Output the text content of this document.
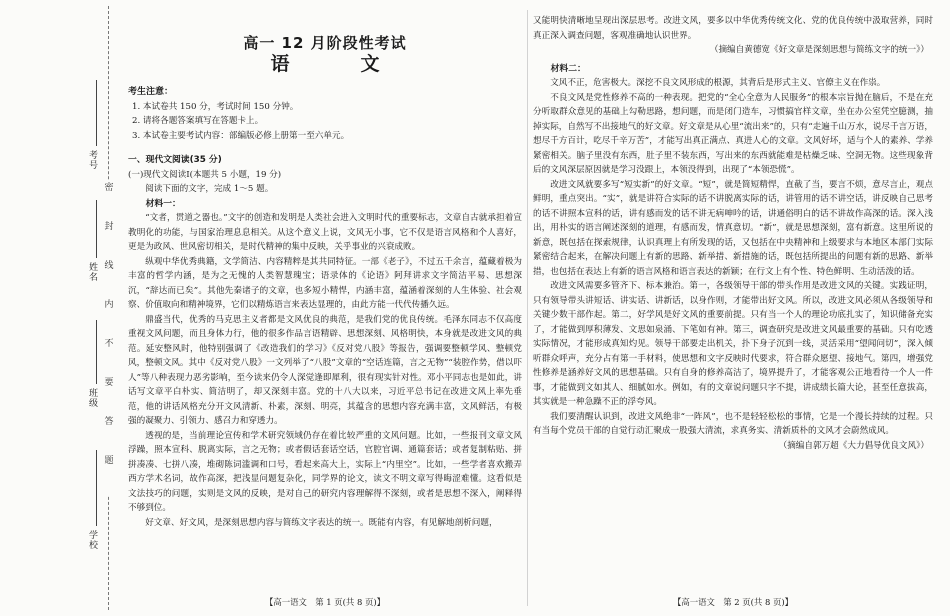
密封线内不要答题
考号
姓名
班级
学校
高一 12 月阶段性考试
语　文
考生注意：
1. 本试卷共 150 分，考试时间 150 分钟。
2. 请将各题答案填写在答题卡上。
3. 本试卷主要考试内容：部编版必修上册第一至六单元。
一、现代文阅读(35 分)
(一)现代文阅读Ⅰ(本题共 5 小题，19 分)
阅读下面的文字，完成 1～5 题。
材料一：

“文者，贯道之器也。”文字的创造和发明是人类社会进入文明时代的重要标志，文章自古就承担着宣教明化的功能，与国家治理息息相关。从这个意义上说，文风无小事，它不仅是语言风格和个人喜好，更是为政风、世风密切相关，是时代精神的集中反映，关乎事业的兴衰成败。

纵观中华优秀典籍，文学简洁、内容精粹是其共同特征。一部《老子》，不过五千余言，蕴藏着极为丰富的哲学内涵，是为之无愧的人类智慧瑰宝；语录体的《论语》阿拜讲求文字简洁平易、思想深沉，“辞达而已矣”。其他先秦诸子的文章，也多短小精悍，内涵丰富，蕴涵着深刻的人生体验、社会观察、价值取向和精神境界，它们以精炼语言来表达显理的，由此方能一代代传播久远。

鼎盛当代，优秀的马克思主义者都是文风优良的典范，是我们党的优良传统。毛泽东同志不仅高度重视文风问题，而且身体力行，他的很多作品言语精辟、思想深刻、风格明快，本身就是改进文风的典范。延安整风时，他特别强调了《改造我们的学习》《反对党八股》等报告，强调要整顿学风、整顿党风，整顿文风。其中《反对党八股》一文列举了“八股”文章的“空话连篇，言之无物”“装腔作势，借以吓人”等八种表现力恶劣影响，至今读来仍令人深觉逢即犀利，很有现实针对性。邓小平同志也是如此，讲话写文章平白朴实、简洁明了，却又深刻丰富。党的十八大以来，习近平总书记在改进文风上率先垂范，他的讲话风格充分开文风清新、朴素，深刻、明亮，其蕴含的思想内容充满丰富，文风鲜活，有极强的凝聚力、引领力、感召力和穿透力。

透视的是，当前理论宣传和学术研究领域仍存在着比较严重的文风问题。比如，一些报刊文章文风浮躁，照本宣科、脱离实际，言之无物；或者假话套话空话，官腔官调、通篇套话；或者复制粘贴、拼拼凑凑、七拼八凑，堆砌陈词滥调和口号，看起来高大上，实际上“内里空”。比如，一些学者喜欢搬弄西方学术名词，故作高深，把浅显问题复杂化，同学界的论文，读文不明文章写得晦涩难懂。这看似是文法技巧的问题，实则是文风的反映，是对自己的研究内容理解得不深刻，或者是思想不深入，阐释得不够到位。

好文章、好文风，是深刻思想内容与简练文字表达的统一。既能有内容，有见解地剖析问题，

【高一语文　第 1 页(共 8 页)】

又能明快清晰地呈现出深层思考。改进文风，要多以中华优秀传统文化、党的优良传统中汲取营养，同时真正深入调查问题，客观准确地认识世界。

（摘编自黄德宽《好文章是深刻思想与简练文字的统一》）
材料二：

文风不正，危害极大。深挖不良文风形成的根源，其背后是形式主义、官僚主义在作祟。

不良文风是党性修养不高的一种表现。把党的“全心全意为人民服务”的根本宗旨抛在脑后，不是在充分听取群众意见的基础上勾勒思路，想问题，而是闭门造车，习惯搞官样文章，坐在办公室凭空臆测，抽掉实际，自然写不出接地气的好文章。好文章是从心里“流出来”的，只有“走遍千山万水，说尽千言万语，想尽千方百计，吃尽千辛万苦”，才能写出真正满点、真进人心的文章。文风好坏，适与个人的素养、学养紧密相关。脑子里没有东西，肚子里不装东西，写出来的东西就能难是枯燥乏味、空洞无物。这些现象背后的文风深层原因就是学习没跟上，本领没得到，出现了“本领恐慌”。

改进文风就要多写“短实新”的好文章。“短”，就是简短精悍，直截了当，要言不烦，意尽言止，观点鲜明，重点突出。“实”，就是讲符合实际的话不讲脱离实际的话，讲管用的话不讲空话，讲反映自己思考的话不讲照本宣科的话，讲有感而发的话不讲无病呻吟的话，讲通俗明白的话不讲故作高深的话。深入浅出，用朴实的语言阐述深刻的道理，有感而发，情真意切。“新”，就是思想深刻，富有新意。这里所说的新意，既包括在探索规律，认识真理上有所发现的话，又包括在中央精神和上级要求与本地区本部门实际紧密结合起来，在解决问题上有新的思路、新举措、新措施的话，既包括所提出的问题有新的思路、新举措，也包括在表达上有新的语言风格和语言表达的新颖；在行文上有个性、特色鲜明、生动活泼的话。

改进文风需要多管齐下、标本兼治。第一，各级领导干部的带头作用是改进文风的关键。实践证明，只有领导带头讲短话、讲实话、讲新话，以身作则，才能带出好文风。所以，改进文风必须从各级领导和关键少数干部作起。第二，好学风是好文风的重要前提。只有当一个人的理论功底扎实了，知识储备充实了，才能做到厚积薄发、文思如泉涌、下笔如有神。第三，调查研究是改进文风最重要的基础。只有吃透实际情况，才能形成真知灼见。领导干部要走出机关，扑下身子沉到一线，灵活采用“望闻问切”，深入倾听群众呼声，充分占有第一手材料，使思想和文字反映时代要求，符合群众愿望、接地气。第四，增强党性修养是涵养好文风的思想基础。只有自身的修养高洁了，境界提升了，才能客观公正地看待一个人一件事，才能做到文如其人、细腻如水。例如，有的文章说问题只字不提，讲成绩长篇大论，甚至任意拔高，其实就是一种急躁不正的浮夸风。

我们要清醒认识到，改进文风绝非“一阵风”，也不是轻轻松松的事情，它是一个漫长持续的过程。只有当每个党员干部的自觉行动汇聚成一股强大清流，求真务实、清新质朴的文风才会蔚然成风。

（摘编自郭万超《大力倡导优良文风》）
【高一语文　第 2 页(共 8 页)】
